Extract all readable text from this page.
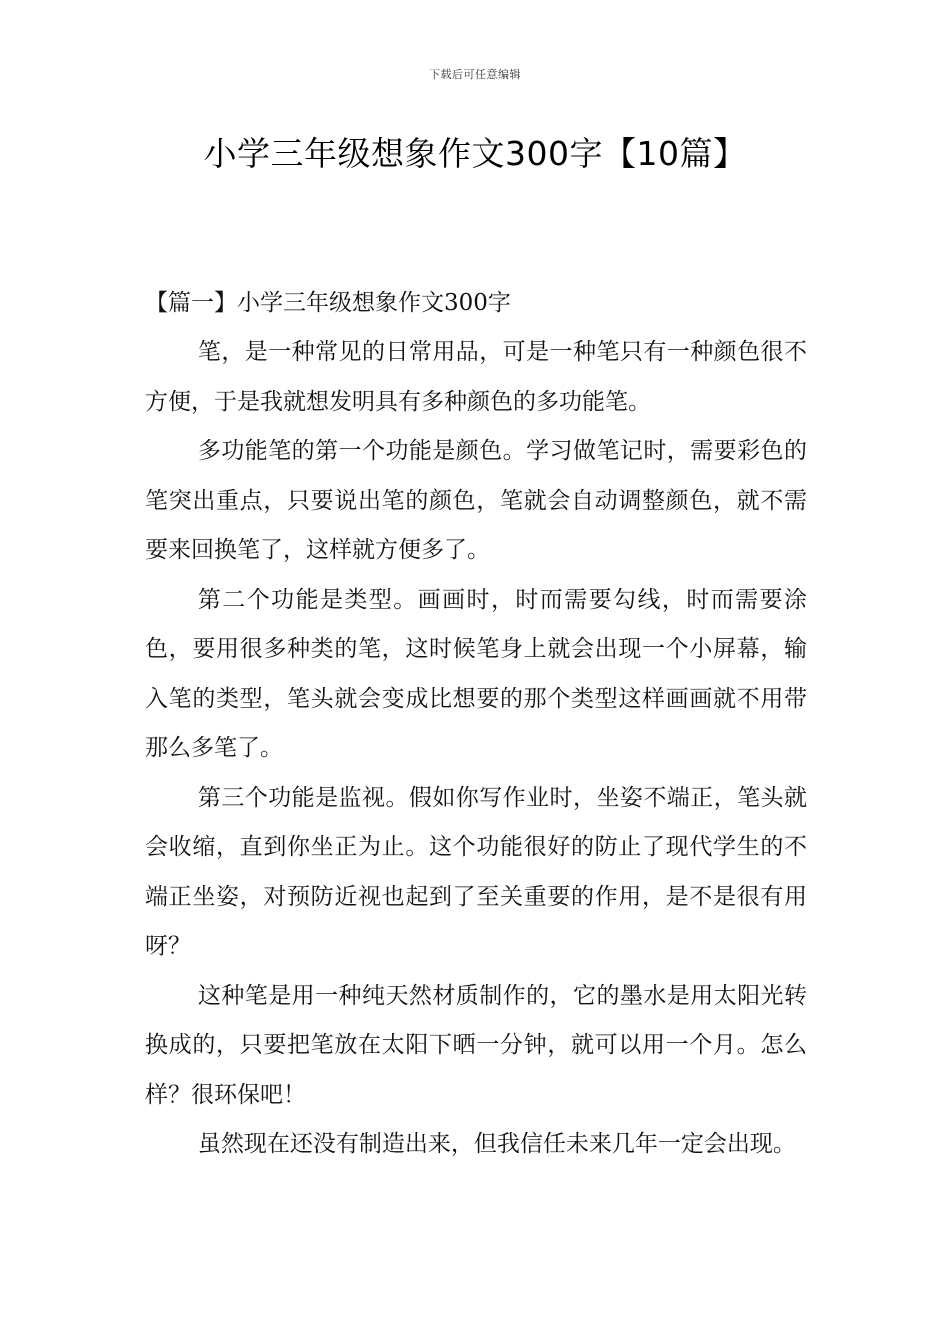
下载后可任意编辑
小学三年级想象作文300字【10篇】

【篇一】小学三年级想象作文300字

笔，是一种常见的日常用品，可是一种笔只有一种颜色很不方便，于是我就想发明具有多种颜色的多功能笔。

多功能笔的第一个功能是颜色。学习做笔记时，需要彩色的笔突出重点，只要说出笔的颜色，笔就会自动调整颜色，就不需要来回换笔了，这样就方便多了。

第二个功能是类型。画画时，时而需要勾线，时而需要涂色，要用很多种类的笔，这时候笔身上就会出现一个小屏幕，输入笔的类型，笔头就会变成比想要的那个类型这样画画就不用带那么多笔了。

第三个功能是监视。假如你写作业时，坐姿不端正，笔头就会收缩，直到你坐正为止。这个功能很好的防止了现代学生的不端正坐姿，对预防近视也起到了至关重要的作用，是不是很有用呀？

这种笔是用一种纯天然材质制作的，它的墨水是用太阳光转换成的，只要把笔放在太阳下晒一分钟，就可以用一个月。怎么样？很环保吧！

虽然现在还没有制造出来，但我信任未来几年一定会出现。
